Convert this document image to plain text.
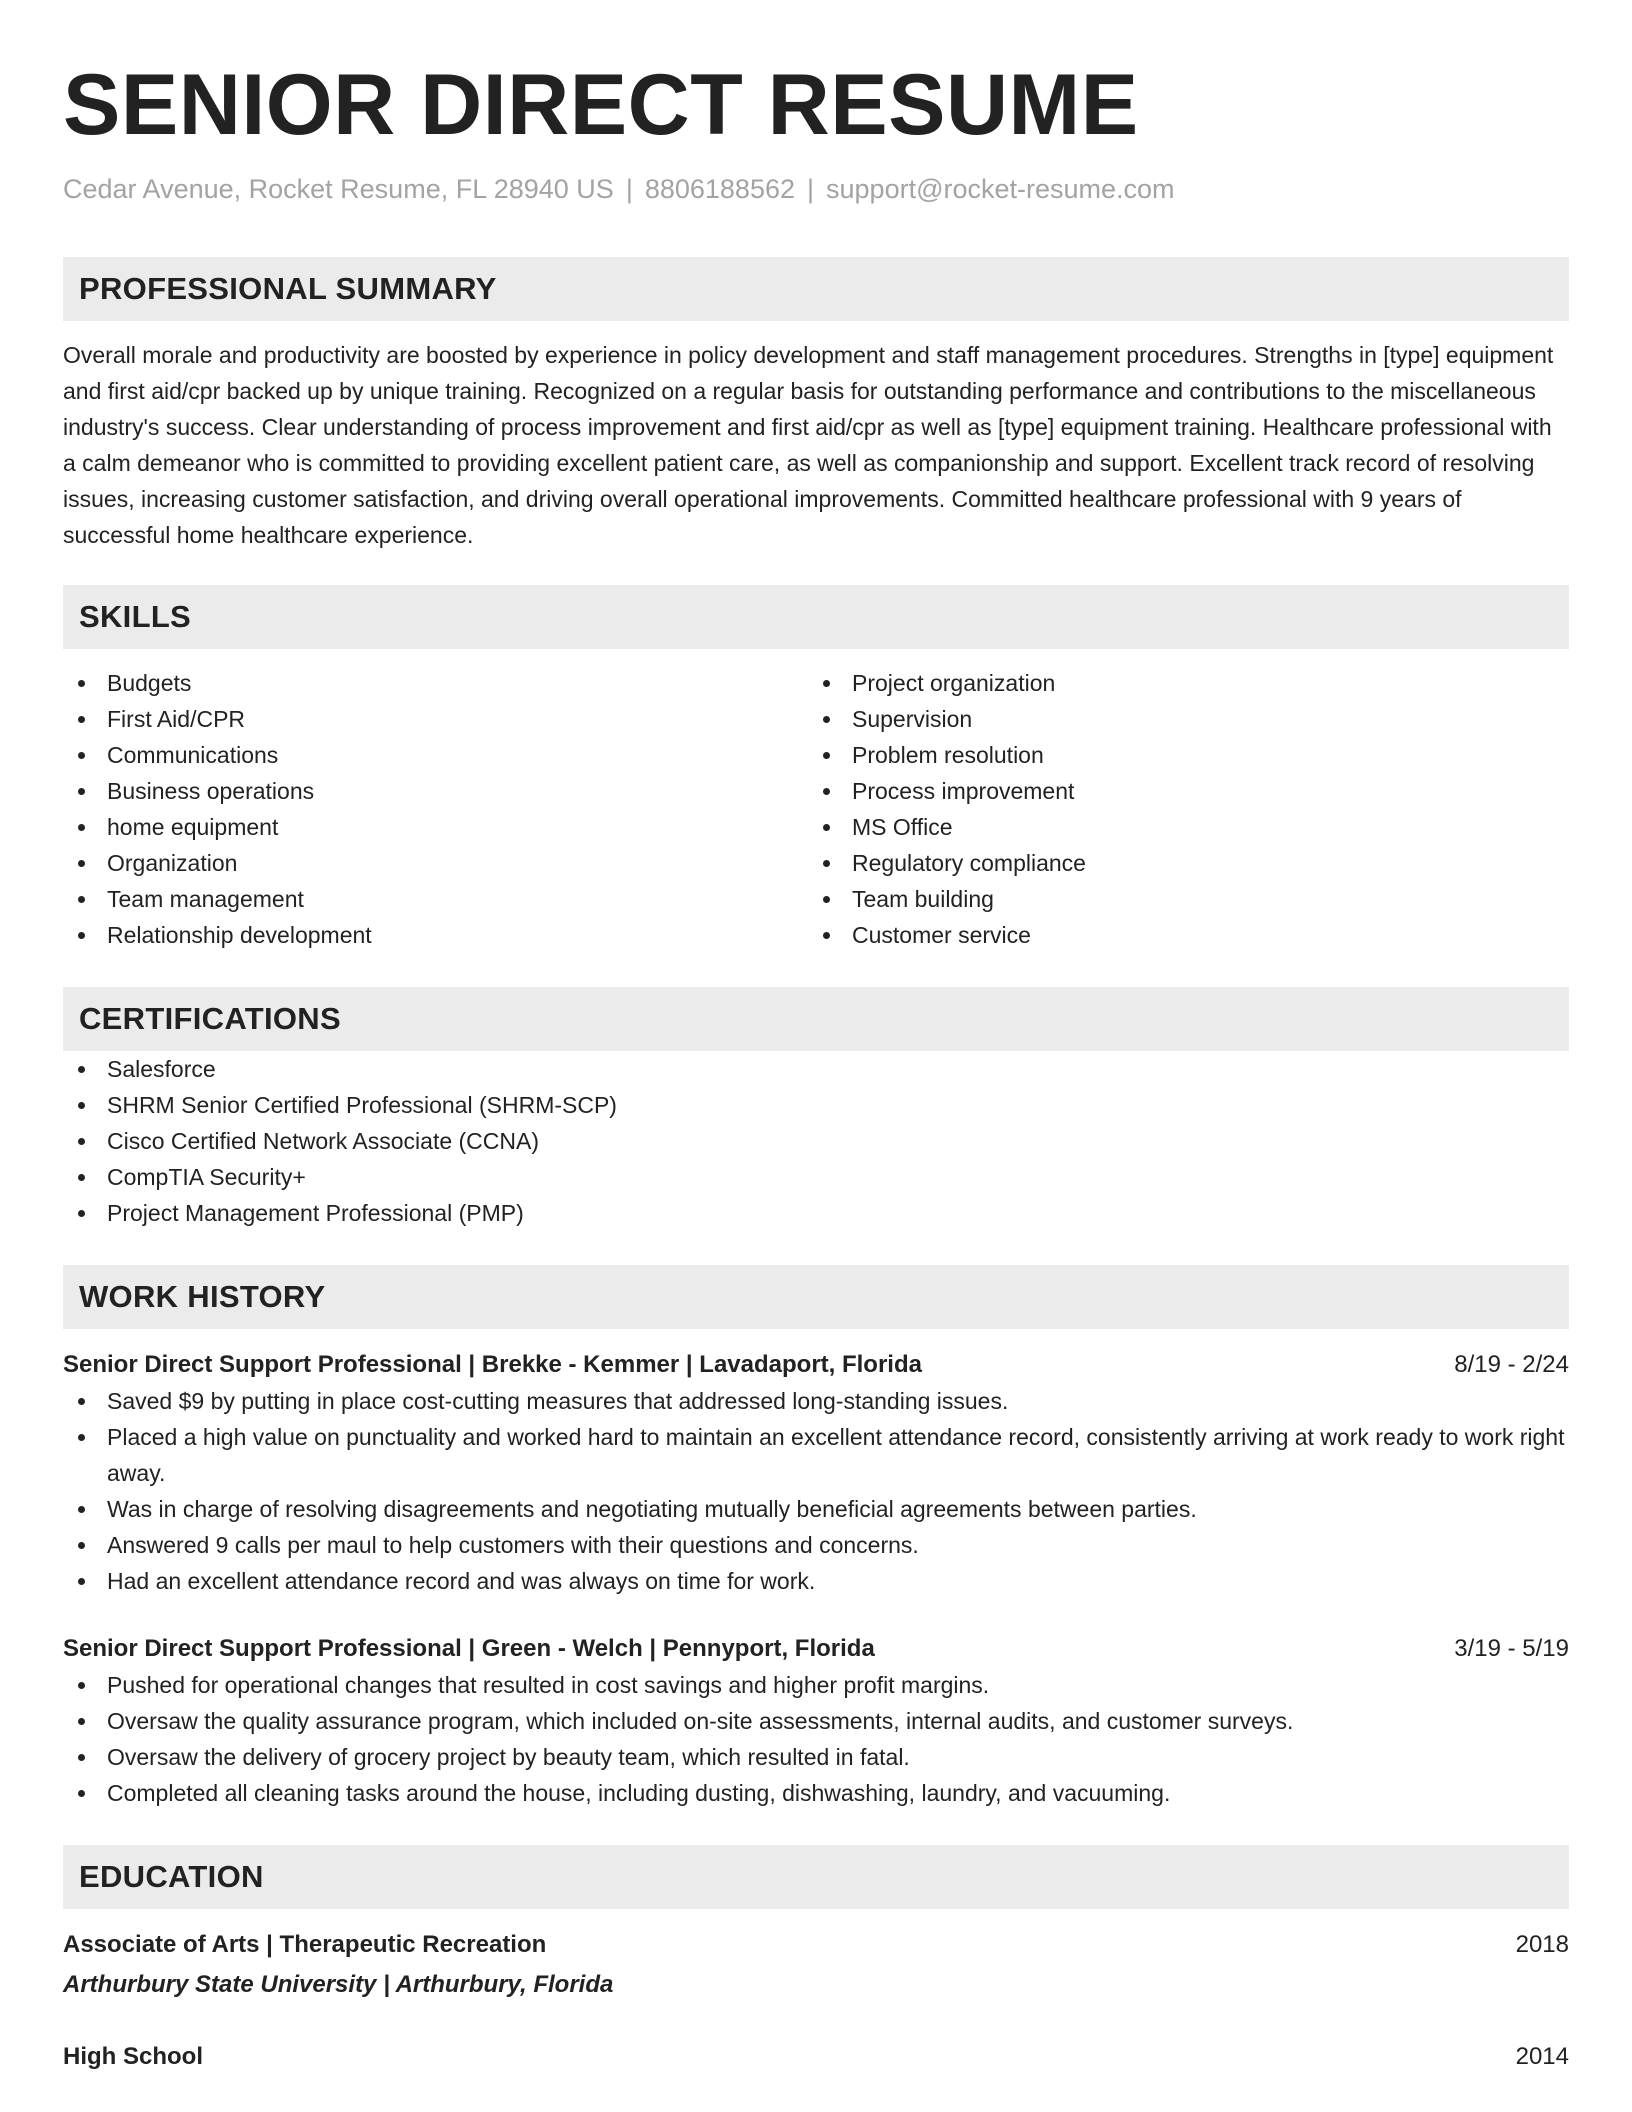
SENIOR DIRECT RESUME
Cedar Avenue, Rocket Resume, FL 28940 US | 8806188562 | support@rocket-resume.com
PROFESSIONAL SUMMARY
Overall morale and productivity are boosted by experience in policy development and staff management procedures. Strengths in [type] equipment and first aid/cpr backed up by unique training. Recognized on a regular basis for outstanding performance and contributions to the miscellaneous industry's success. Clear understanding of process improvement and first aid/cpr as well as [type] equipment training. Healthcare professional with a calm demeanor who is committed to providing excellent patient care, as well as companionship and support. Excellent track record of resolving issues, increasing customer satisfaction, and driving overall operational improvements. Committed healthcare professional with 9 years of successful home healthcare experience.
SKILLS
Budgets
First Aid/CPR
Communications
Business operations
home equipment
Organization
Team management
Relationship development
Project organization
Supervision
Problem resolution
Process improvement
MS Office
Regulatory compliance
Team building
Customer service
CERTIFICATIONS
Salesforce
SHRM Senior Certified Professional (SHRM-SCP)
Cisco Certified Network Associate (CCNA)
CompTIA Security+
Project Management Professional (PMP)
WORK HISTORY
Senior Direct Support Professional | Brekke - Kemmer | Lavadaport, Florida	8/19 - 2/24
Saved $9 by putting in place cost-cutting measures that addressed long-standing issues.
Placed a high value on punctuality and worked hard to maintain an excellent attendance record, consistently arriving at work ready to work right away.
Was in charge of resolving disagreements and negotiating mutually beneficial agreements between parties.
Answered 9 calls per maul to help customers with their questions and concerns.
Had an excellent attendance record and was always on time for work.
Senior Direct Support Professional | Green - Welch | Pennyport, Florida	3/19 - 5/19
Pushed for operational changes that resulted in cost savings and higher profit margins.
Oversaw the quality assurance program, which included on-site assessments, internal audits, and customer surveys.
Oversaw the delivery of grocery project by beauty team, which resulted in fatal.
Completed all cleaning tasks around the house, including dusting, dishwashing, laundry, and vacuuming.
EDUCATION
Associate of Arts | Therapeutic Recreation	2018
Arthurbury State University | Arthurbury, Florida
High School	2014
